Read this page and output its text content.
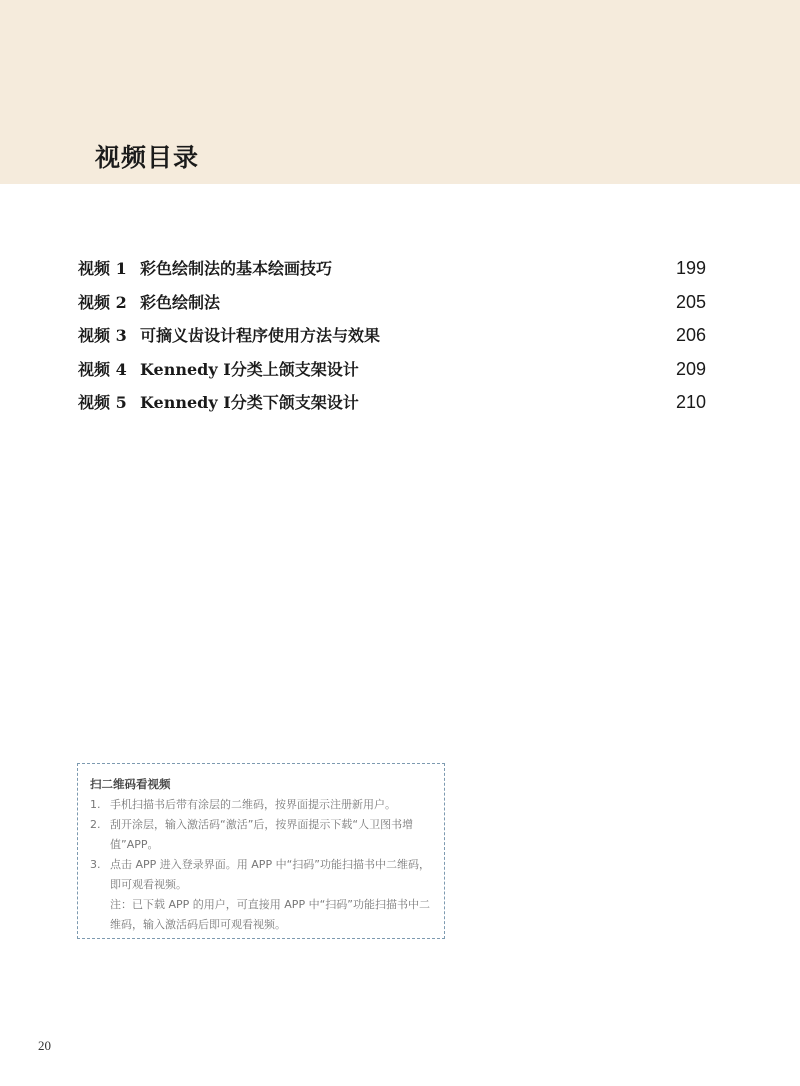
视频目录
视频 1 彩色绘制法的基本绘画技巧	199
视频 2 彩色绘制法	205
视频 3 可摘义齿设计程序使用方法与效果	206
视频 4 Kennedy Ⅰ分类上颌支架设计	209
视频 5 Kennedy Ⅰ分类下颌支架设计	210
扫二维码看视频
1. 手机扫描书后带有涂层的二维码，按界面提示注册新用户。
2. 刮开涂层，输入激活码“激活”后，按界面提示下载“人卫图书增值”APP。
3. 点击 APP 进入登录界面。用 APP 中“扫码”功能扫描书中二维码，即可观看视频。
注：已下载 APP 的用户，可直接用 APP 中“扫码”功能扫描书中二维码，输入激活码后即可观看视频。
20
